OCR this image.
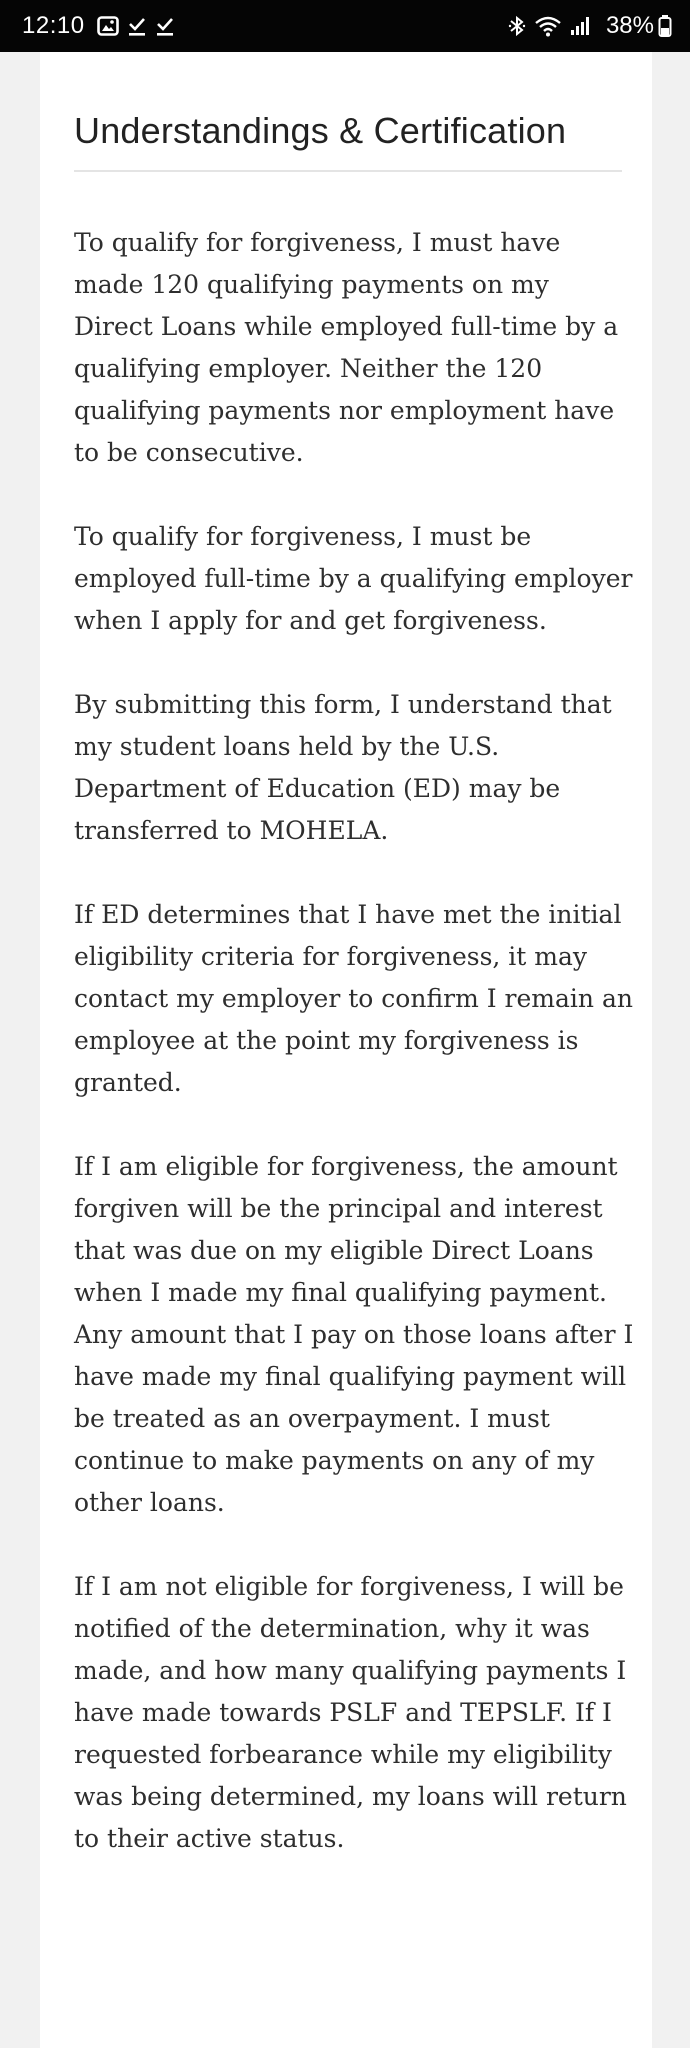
12:10	38%
Understandings & Certification

To qualify for forgiveness, I must have made 120 qualifying payments on my Direct Loans while employed full-time by a qualifying employer. Neither the 120 qualifying payments nor employment have to be consecutive.

To qualify for forgiveness, I must be employed full-time by a qualifying employer when I apply for and get forgiveness.

By submitting this form, I understand that my student loans held by the U.S. Department of Education (ED) may be transferred to MOHELA.

If ED determines that I have met the initial eligibility criteria for forgiveness, it may contact my employer to confirm I remain an employee at the point my forgiveness is granted.

If I am eligible for forgiveness, the amount forgiven will be the principal and interest that was due on my eligible Direct Loans when I made my final qualifying payment. Any amount that I pay on those loans after I have made my final qualifying payment will be treated as an overpayment. I must continue to make payments on any of my other loans.

If I am not eligible for forgiveness, I will be notified of the determination, why it was made, and how many qualifying payments I have made towards PSLF and TEPSLF. If I requested forbearance while my eligibility was being determined, my loans will return to their active status.
